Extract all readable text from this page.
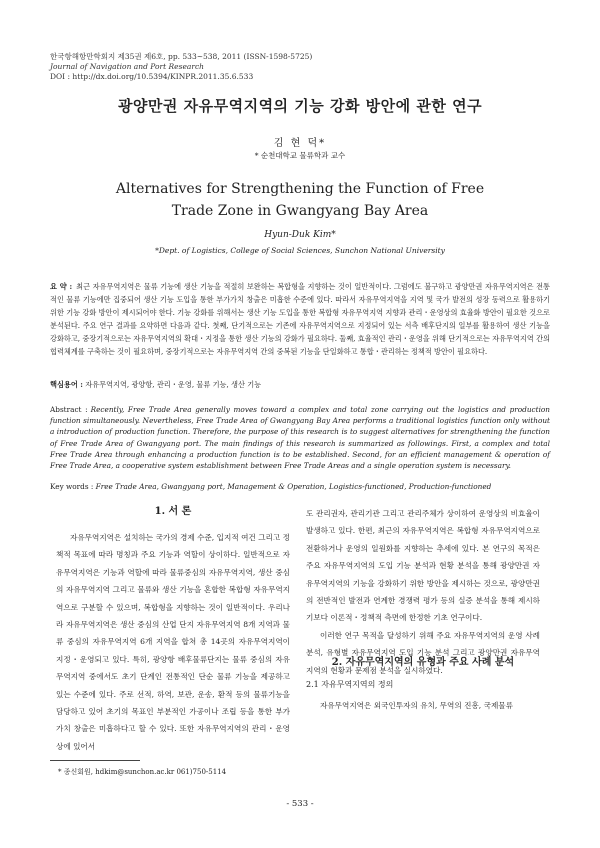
한국항해항만학회지 제35권 제6호, pp. 533~538, 2011 (ISSN-1598-5725)
Journal of Navigation and Port Research
DOI : http://dx.doi.org/10.5394/KINPR.2011.35.6.533
광양만권 자유무역지역의 기능 강화 방안에 관한 연구
김 현 덕*
* 순천대학교 물류학과 교수
Alternatives for Strengthening the Function of Free
Trade Zone in Gwangyang Bay Area
Hyun-Duk Kim*
*Dept. of Logistics, College of Social Sciences, Sunchon National University
요 약 : 최근 자유무역지역은 물류 기능에 생산 기능을 적절히 보완하는 복합형을 지향하는 것이 일반적이다. 그럼에도 불구하고 광양만권 자유무역지역은 전통적인 물류 기능에만 집중되어 생산 기능 도입을 통한 부가가치 창출은 미흡한 수준에 있다. 따라서 자유무역지역을 지역 및 국가 발전의 성장 동력으로 활용하기 위한 기능 강화 방안이 제시되어야 한다. 기능 강화를 위해서는 생산 기능 도입을 통한 복합형 자유무역지역 지향과 관리・운영상의 효율화 방안이 필요한 것으로 분석된다. 주요 연구 결과를 요약하면 다음과 같다. 첫째, 단기적으로는 기존에 자유무역지역으로 지정되어 있는 서측 배후단지의 일부를 활용하여 생산 기능을 강화하고, 중장기적으로는 자유무역지역의 확대・지정을 통한 생산 기능의 강화가 필요하다. 둘째, 효율적인 관리・운영을 위해 단기적으로는 자유무역지역 간의 협력체계를 구축하는 것이 필요하며, 중장기적으로는 자유무역지역 간의 중복된 기능을 단일화하고 통합・관리하는 정책적 방안이 필요하다.
핵심용어 : 자유무역지역, 광양항, 관리・운영, 물류 기능, 생산 기능
Abstract : Recently, Free Trade Area generally moves toward a complex and total zone carrying out the logistics and production function simultaneously. Nevertheless, Free Trade Area of Gwangyang Bay Area performs a traditional logistics function only without a introduction of production function. Therefore, the purpose of this research is to suggest alternatives for strengthening the function of Free Trade Area of Gwangyang port. The main findings of this research is summarized as followings. First, a complex and total Free Trade Area through enhancing a production function is to be established. Second, for an efficient management & operation of Free Trade Area, a cooperative system establishment between Free Trade Areas and a single operation system is necessary.
Key words : Free Trade Area, Gwangyang port, Management & Operation, Logistics-functioned, Production-functioned
1. 서 론

자유무역지역은 설치하는 국가의 경제 수준, 입지적 여건 그리고 정책적 목표에 따라 명칭과 주요 기능과 역할이 상이하다. 일반적으로 자유무역지역은 기능과 역할에 따라 물류중심의 자유무역지역, 생산 중심의 자유무역지역 그리고 물류와 생산 기능을 혼합한 복합형 자유무역지역으로 구분할 수 있으며, 복합형을 지향하는 것이 일반적이다. 우리나라 자유무역지역은 생산 중심의 산업 단지 자유무역지역 8개 지역과 물류 중심의 자유무역지역 6개 지역을 합쳐 총 14곳의 자유무역지역이 지정・운영되고 있다. 특히, 광양항 배후물류단지는 물류 중심의 자유무역지역 중에서도 초기 단계인 전통적인 단순 물류 기능을 제공하고 있는 수준에 있다. 주로 선적, 하역, 보관, 운송, 환적 등의 물류기능을 담당하고 있어 초기의 목표인 부분적인 가공이나 조립 등을 통한 부가가치 창출은 미흡하다고 할 수 있다. 또한 자유무역지역의 관리・운영상에 있어서

도 관리권자, 관리기관 그리고 관리주체가 상이하여 운영상의 비효율이 발생하고 있다. 한편, 최근의 자유무역지역은 복합형 자유무역지역으로 전환하거나 운영의 일원화를 지향하는 추세에 있다. 본 연구의 목적은 주요 자유무역지역의 도입 기능 분석과 현황 분석을 통해 광양만권 자유무역지역의 기능을 강화하기 위한 방안을 제시하는 것으로, 광양만권의 전반적인 발전과 연계한 경쟁력 평가 등의 실증 분석을 통해 제시하기보다 이론적・정책적 측면에 한정한 기초 연구이다.

이러한 연구 목적을 달성하기 위해 주요 자유무역지역의 운영 사례 분석, 유형별 자유무역지역 도입 기능 분석 그리고 광양만권 자유무역지역의 현황과 문제점 분석을 실시하였다.

2. 자유무역지역의 유형과 주요 사례 분석
2.1 자유무역지역의 정의
자유무역지역은 외국인투자의 유치, 무역의 진흥, 국제물류
* 종신회원, hdkim@sunchon.ac.kr 061)750-5114
- 533 -
